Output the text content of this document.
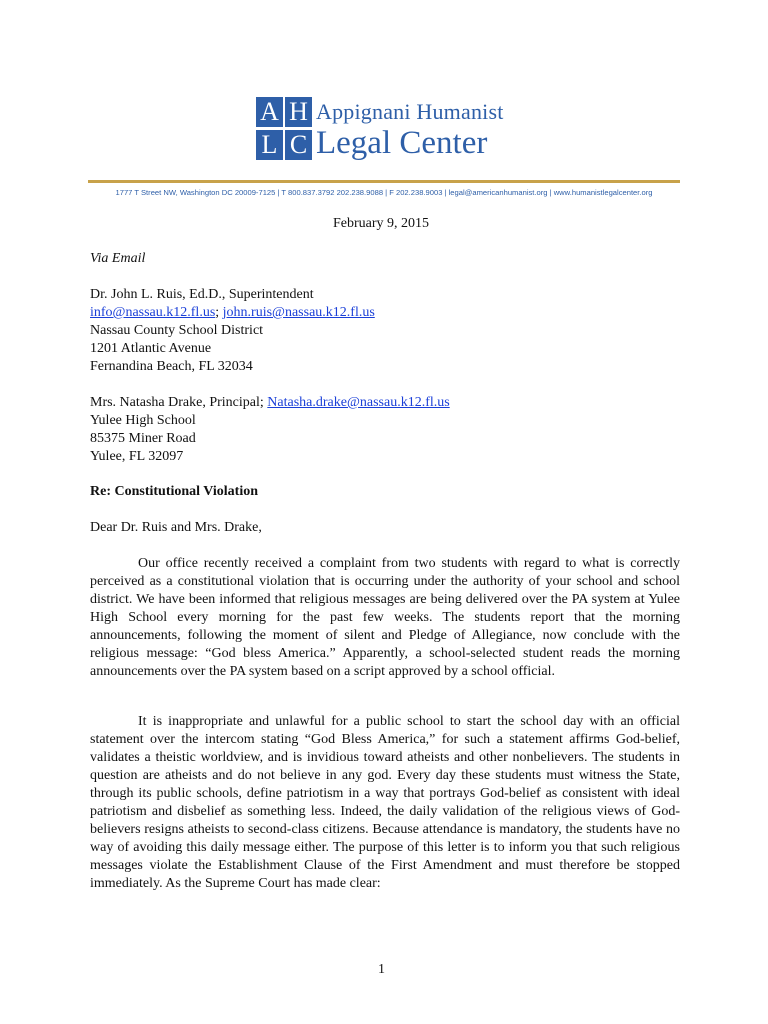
A H
L C
Appignani Humanist
Legal Center
1777 T Street NW, Washington DC 20009-7125 | T 800.837.3792 202.238.9088 | F 202.238.9003 | legal@americanhumanist.org | www.humanistlegalcenter.org
February 9, 2015
Via Email
Dr. John L. Ruis, Ed.D., Superintendent
info@nassau.k12.fl.us; john.ruis@nassau.k12.fl.us
Nassau County School District
1201 Atlantic Avenue
Fernandina Beach, FL 32034
Mrs. Natasha Drake, Principal; Natasha.drake@nassau.k12.fl.us
Yulee High School
85375 Miner Road
Yulee, FL 32097
Re: Constitutional Violation
Dear Dr. Ruis and Mrs. Drake,

Our office recently received a complaint from two students with regard to what is correctly perceived as a constitutional violation that is occurring under the authority of your school and school district. We have been informed that religious messages are being delivered over the PA system at Yulee High School every morning for the past few weeks. The students report that the morning announcements, following the moment of silent and Pledge of Allegiance, now conclude with the religious message: “God bless America.” Apparently, a school-selected student reads the morning announcements over the PA system based on a script approved by a school official.

It is inappropriate and unlawful for a public school to start the school day with an official statement over the intercom stating “God Bless America,” for such a statement affirms God-belief, validates a theistic worldview, and is invidious toward atheists and other nonbelievers. The students in question are atheists and do not believe in any god. Every day these students must witness the State, through its public schools, define patriotism in a way that portrays God-belief as consistent with ideal patriotism and disbelief as something less. Indeed, the daily validation of the religious views of God-believers resigns atheists to second-class citizens. Because attendance is mandatory, the students have no way of avoiding this daily message either. The purpose of this letter is to inform you that such religious messages violate the Establishment Clause of the First Amendment and must therefore be stopped immediately. As the Supreme Court has made clear:

1
